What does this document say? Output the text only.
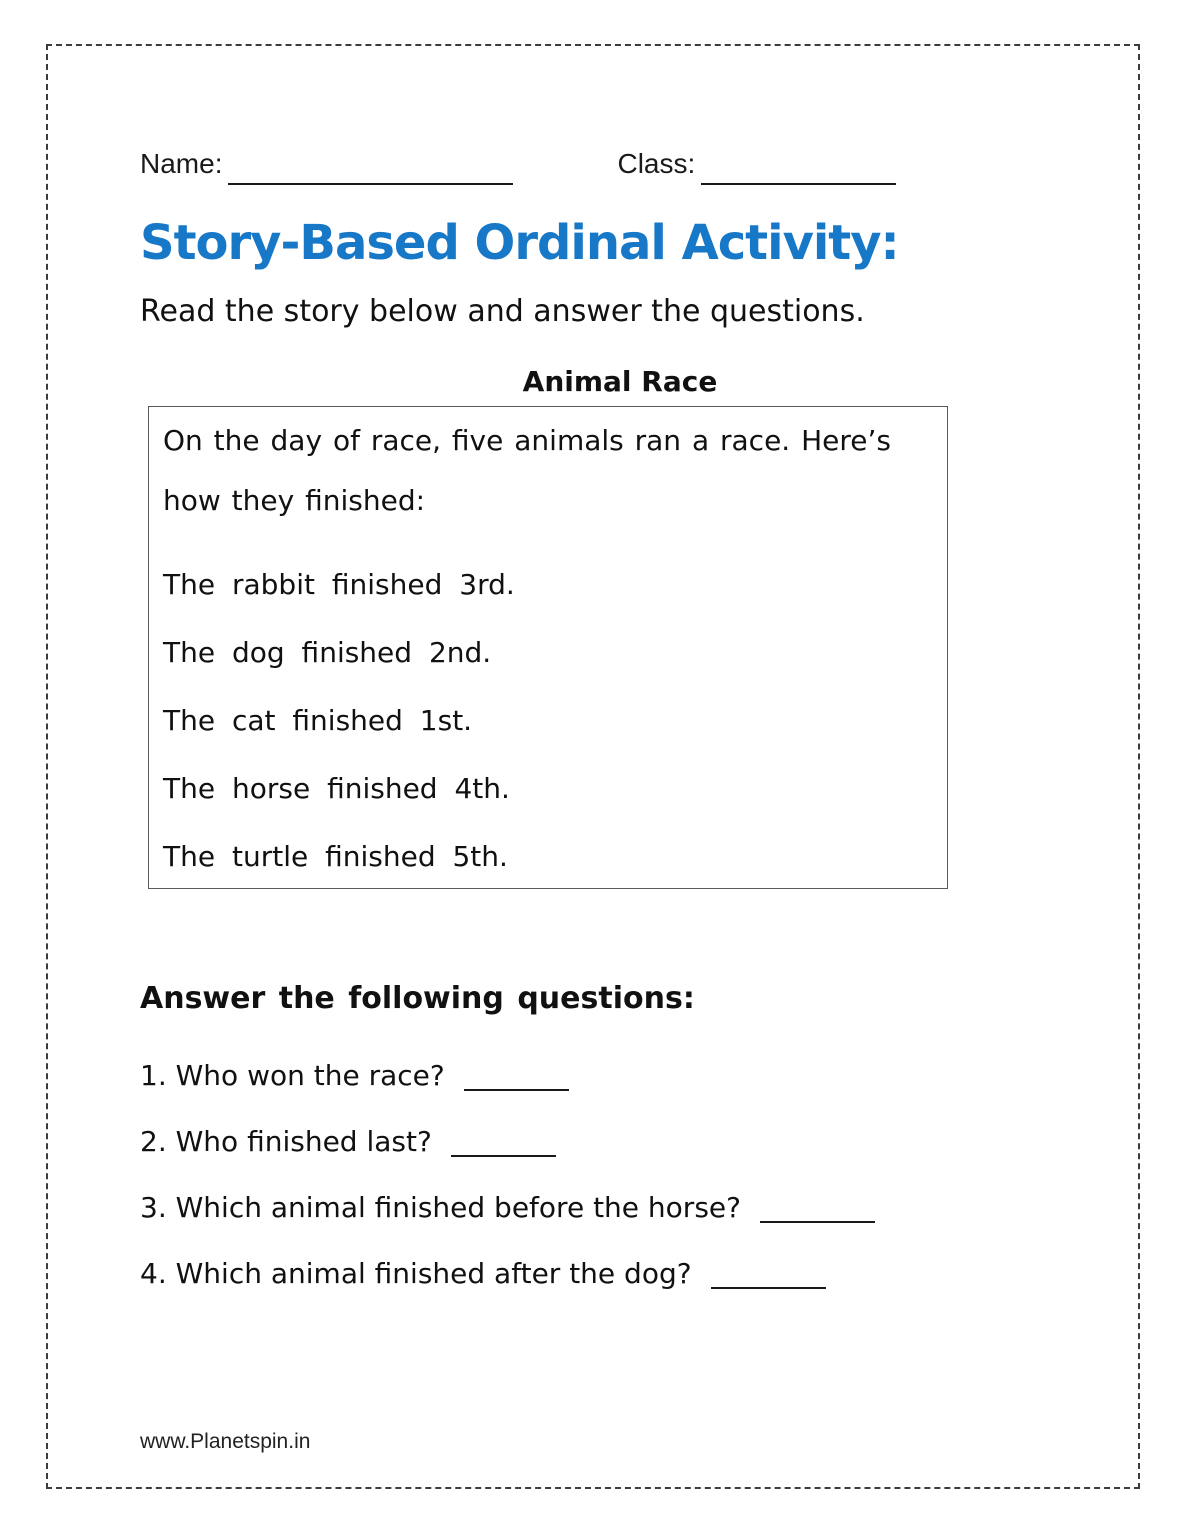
Name:	Class:
Story-Based Ordinal Activity:
Read the story below and answer the questions.
Animal Race
On the day of race, five animals ran a race. Here’s
how they finished:
The rabbit finished 3rd.
The dog finished 2nd.
The cat finished 1st.
The horse finished 4th.
The turtle finished 5th.
Answer the following questions:
1. Who won the race?
2. Who finished last?
3. Which animal finished before the horse?
4. Which animal finished after the dog?
www.Planetspin.in
